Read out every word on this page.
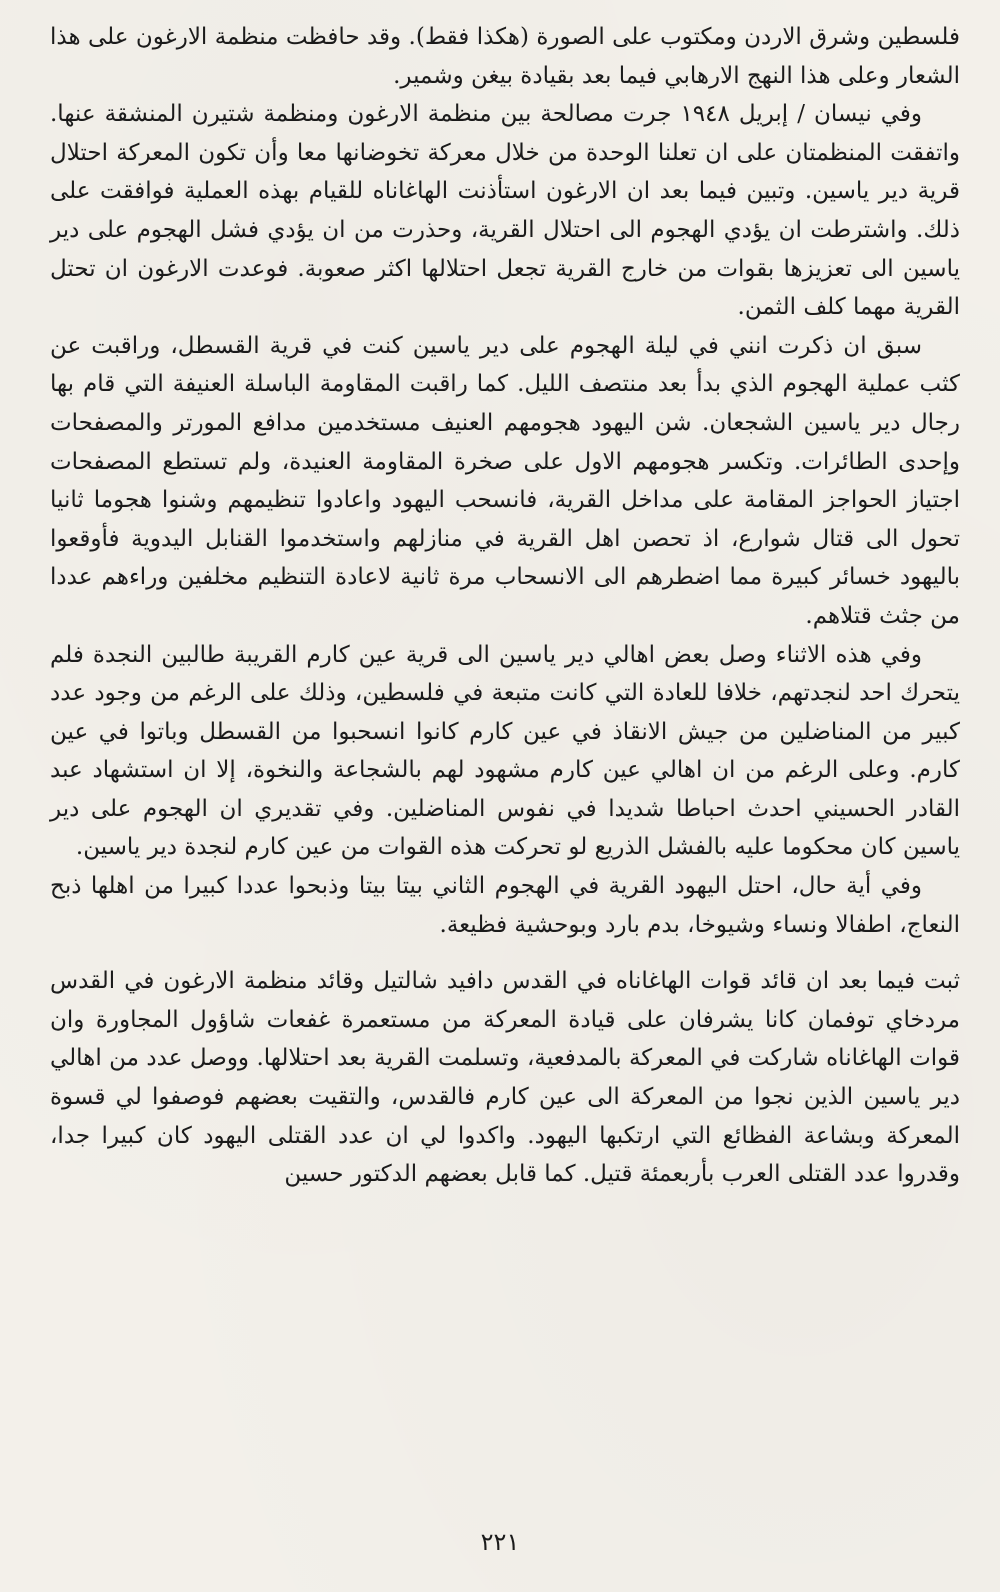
فلسطين وشرق الاردن ومكتوب على الصورة (هكذا فقط). وقد حافظت منظمة الارغون على هذا الشعار وعلى هذا النهج الارهابي فيما بعد بقيادة بيغن وشمير.

وفي نيسان / إبريل ١٩٤٨ جرت مصالحة بين منظمة الارغون ومنظمة شتيرن المنشقة عنها. واتفقت المنظمتان على ان تعلنا الوحدة من خلال معركة تخوضانها معا وأن تكون المعركة احتلال قرية دير ياسين. وتبين فيما بعد ان الارغون استأذنت الهاغاناه للقيام بهذه العملية فوافقت على ذلك. واشترطت ان يؤدي الهجوم الى احتلال القرية، وحذرت من ان يؤدي فشل الهجوم على دير ياسين الى تعزيزها بقوات من خارج القرية تجعل احتلالها اكثر صعوبة. فوعدت الارغون ان تحتل القرية مهما كلف الثمن.

سبق ان ذكرت انني في ليلة الهجوم على دير ياسين كنت في قرية القسطل، وراقبت عن كثب عملية الهجوم الذي بدأ بعد منتصف الليل. كما راقبت المقاومة الباسلة العنيفة التي قام بها رجال دير ياسين الشجعان. شن اليهود هجومهم العنيف مستخدمين مدافع المورتر والمصفحات وإحدى الطائرات. وتكسر هجومهم الاول على صخرة المقاومة العنيدة، ولم تستطع المصفحات اجتياز الحواجز المقامة على مداخل القرية، فانسحب اليهود واعادوا تنظيمهم وشنوا هجوما ثانيا تحول الى قتال شوارع، اذ تحصن اهل القرية في منازلهم واستخدموا القنابل اليدوية فأوقعوا باليهود خسائر كبيرة مما اضطرهم الى الانسحاب مرة ثانية لاعادة التنظيم مخلفين وراءهم عددا من جثث قتلاهم.

وفي هذه الاثناء وصل بعض اهالي دير ياسين الى قرية عين كارم القريبة طالبين النجدة فلم يتحرك احد لنجدتهم، خلافا للعادة التي كانت متبعة في فلسطين، وذلك على الرغم من وجود عدد كبير من المناضلين من جيش الانقاذ في عين كارم كانوا انسحبوا من القسطل وباتوا في عين كارم. وعلى الرغم من ان اهالي عين كارم مشهود لهم بالشجاعة والنخوة، إلا ان استشهاد عبد القادر الحسيني احدث احباطا شديدا في نفوس المناضلين. وفي تقديري ان الهجوم على دير ياسين كان محكوما عليه بالفشل الذريع لو تحركت هذه القوات من عين كارم لنجدة دير ياسين.

وفي أية حال، احتل اليهود القرية في الهجوم الثاني بيتا بيتا وذبحوا عددا كبيرا من اهلها ذبح النعاج، اطفالا ونساء وشيوخا، بدم بارد وبوحشية فظيعة.

ثبت فيما بعد ان قائد قوات الهاغاناه في القدس دافيد شالتيل وقائد منظمة الارغون في القدس مردخاي توفمان كانا يشرفان على قيادة المعركة من مستعمرة غفعات شاؤول المجاورة وان قوات الهاغاناه شاركت في المعركة بالمدفعية، وتسلمت القرية بعد احتلالها. ووصل عدد من اهالي دير ياسين الذين نجوا من المعركة الى عين كارم فالقدس، والتقيت بعضهم فوصفوا لي قسوة المعركة وبشاعة الفظائع التي ارتكبها اليهود. واكدوا لي ان عدد القتلى اليهود كان كبيرا جدا، وقدروا عدد القتلى العرب بأربعمئة قتيل. كما قابل بعضهم الدكتور حسين

٢٢١
